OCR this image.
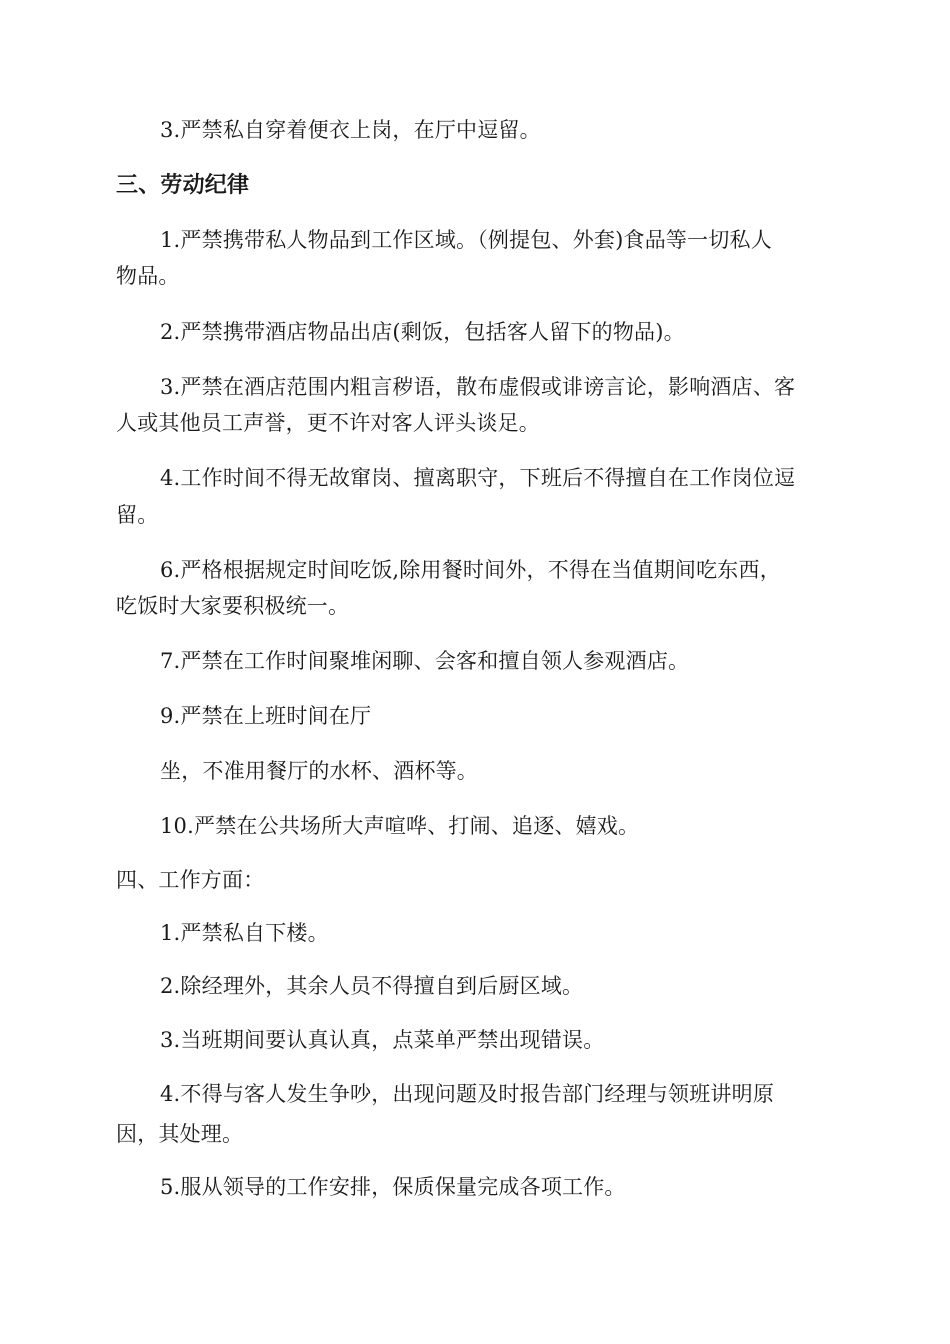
3.严禁私自穿着便衣上岗，在厅中逗留。
三、劳动纪律
1.严禁携带私人物品到工作区域。（例提包、外套)食品等一切私人
物品。
2.严禁携带酒店物品出店(剩饭，包括客人留下的物品)。
3.严禁在酒店范围内粗言秽语，散布虚假或诽谤言论，影响酒店、客
人或其他员工声誉，更不许对客人评头谈足。
4.工作时间不得无故窜岗、擅离职守，下班后不得擅自在工作岗位逗
留。
6.严格根据规定时间吃饭,除用餐时间外，不得在当值期间吃东西，
吃饭时大家要积极统一。
7.严禁在工作时间聚堆闲聊、会客和擅自领人参观酒店。
9.严禁在上班时间在厅
坐，不准用餐厅的水杯、酒杯等。
10.严禁在公共场所大声喧哗、打闹、追逐、嬉戏。
四、工作方面：
1.严禁私自下楼。
2.除经理外，其余人员不得擅自到后厨区域。
3.当班期间要认真认真，点菜单严禁出现错误。
4.不得与客人发生争吵，出现问题及时报告部门经理与领班讲明原
因，其处理。
5.服从领导的工作安排，保质保量完成各项工作。
